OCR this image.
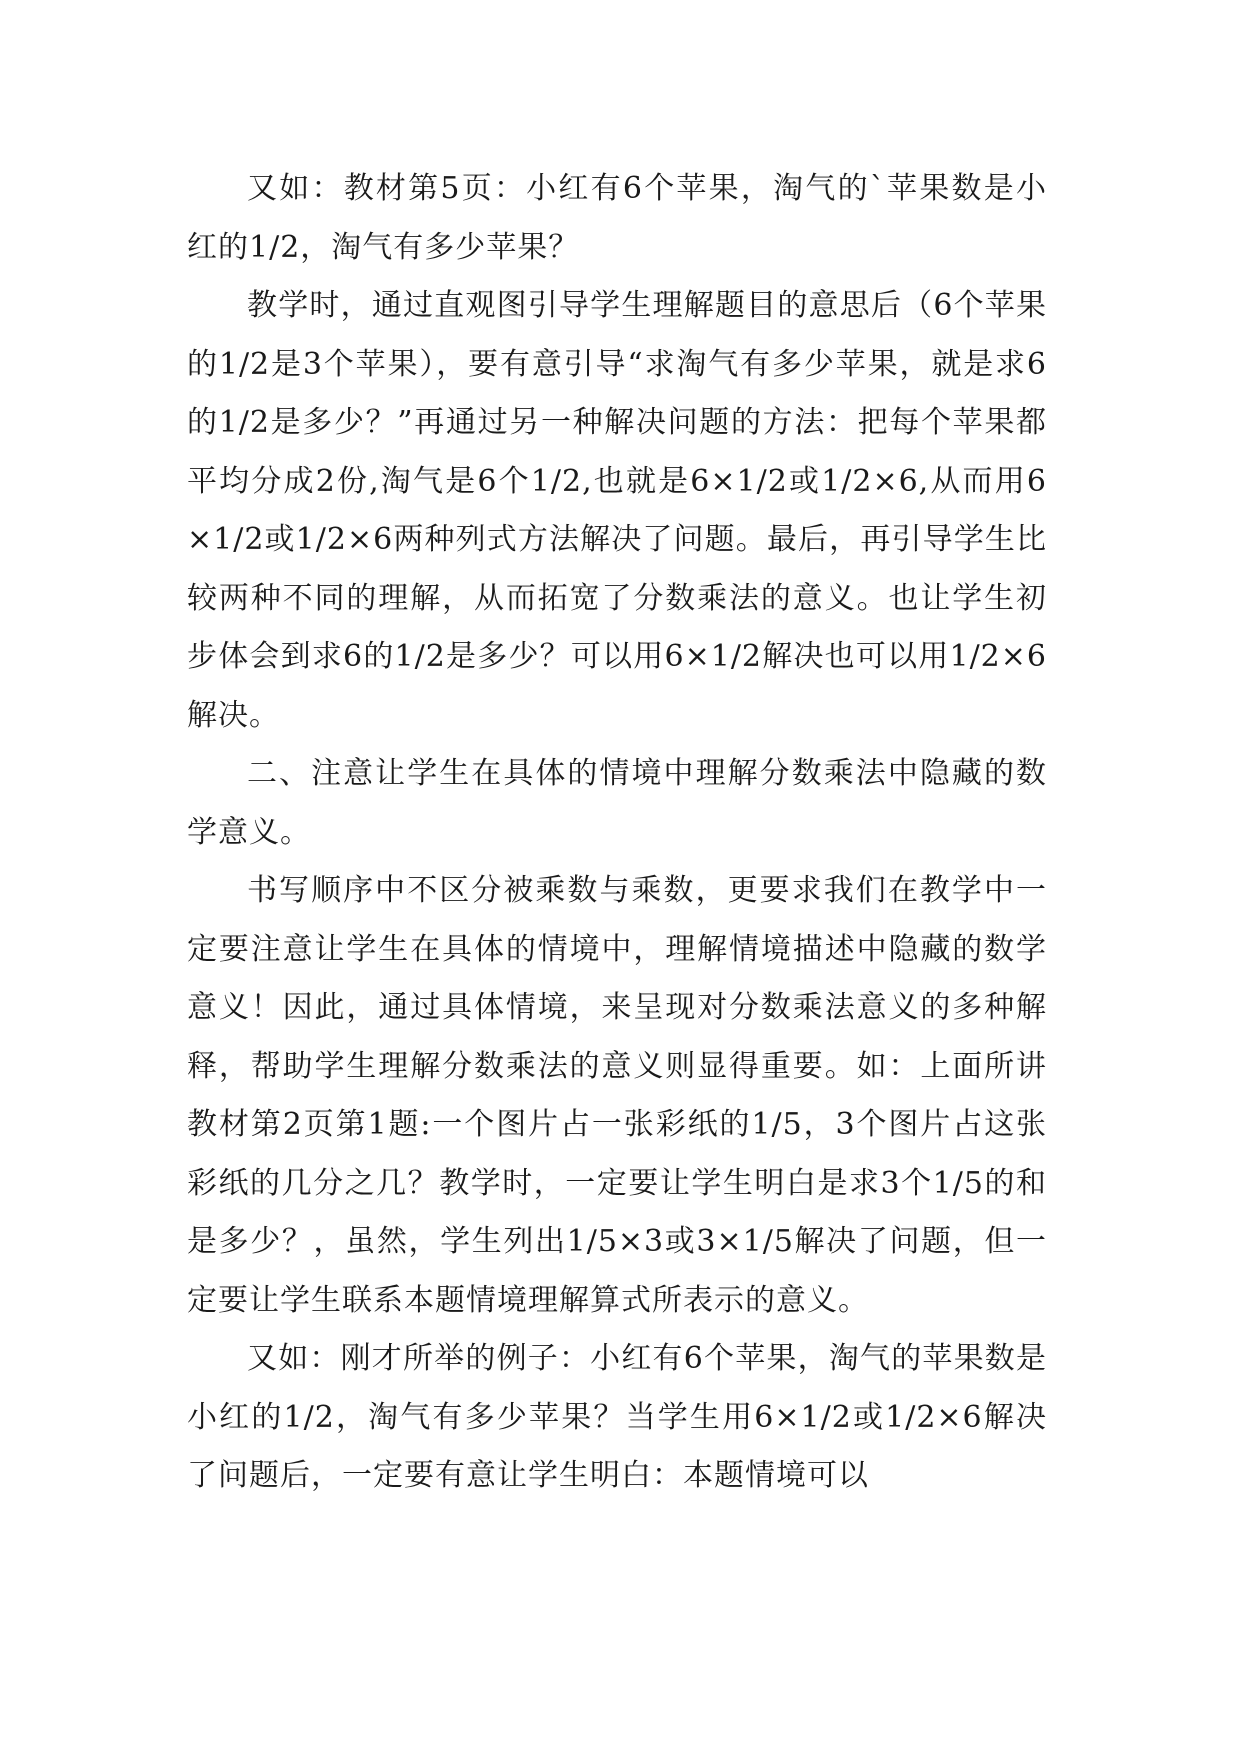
又如：教材第5页：小红有6个苹果，淘气的`苹果数是小红的1/2，淘气有多少苹果？

教学时，通过直观图引导学生理解题目的意思后（6个苹果的1/2是3个苹果），要有意引导“求淘气有多少苹果，就是求6的1/2是多少？”再通过另一种解决问题的方法：把每个苹果都平均分成2份,淘气是6个1/2,也就是6×1/2或1/2×6,从而用6×1/2或1/2×6两种列式方法解决了问题。最后，再引导学生比较两种不同的理解，从而拓宽了分数乘法的意义。也让学生初步体会到求6的1/2是多少？可以用6×1/2解决也可以用1/2×6解决。

二、注意让学生在具体的情境中理解分数乘法中隐藏的数学意义。

书写顺序中不区分被乘数与乘数，更要求我们在教学中一定要注意让学生在具体的情境中，理解情境描述中隐藏的数学意义！因此，通过具体情境，来呈现对分数乘法意义的多种解释，帮助学生理解分数乘法的意义则显得重要。如：上面所讲教材第2页第1题:一个图片占一张彩纸的1/5，3个图片占这张彩纸的几分之几？教学时，一定要让学生明白是求3个1/5的和是多少？，虽然，学生列出1/5×3或3×1/5解决了问题，但一定要让学生联系本题情境理解算式所表示的意义。

又如：刚才所举的例子：小红有6个苹果，淘气的苹果数是小红的1/2，淘气有多少苹果？当学生用6×1/2或1/2×6解决了问题后，一定要有意让学生明白：本题情境可以
